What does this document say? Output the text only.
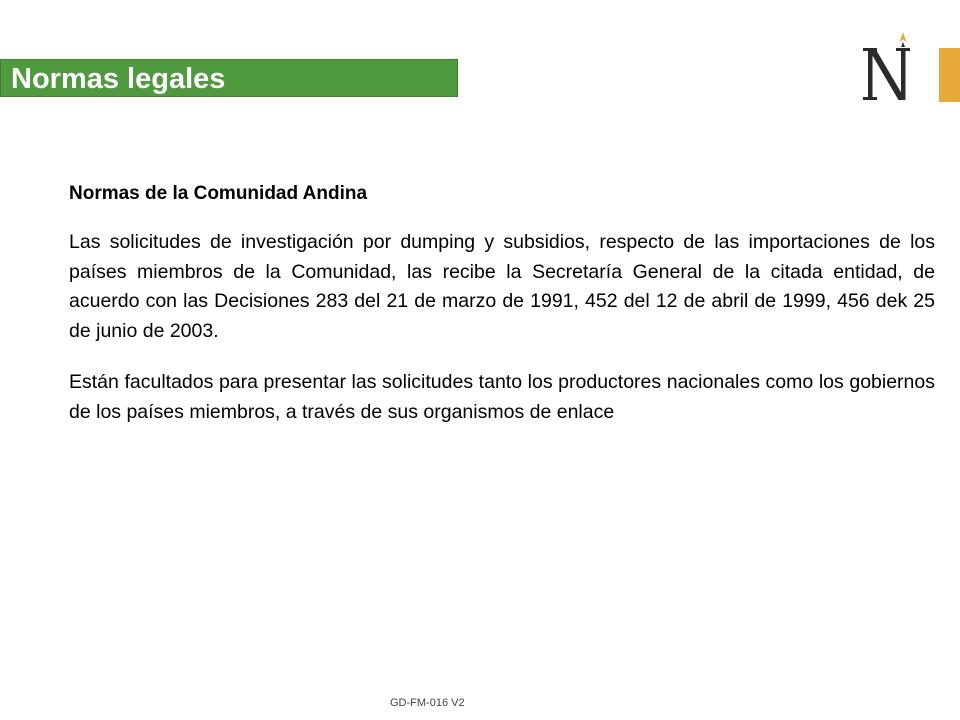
Normas legales

Normas de la Comunidad Andina

Las solicitudes de investigación por dumping y subsidios, respecto de las importaciones de los países miembros de la Comunidad, las recibe la Secretaría General de la citada entidad, de acuerdo con las Decisiones 283 del 21 de marzo de 1991, 452 del 12 de abril de 1999, 456 dek 25 de junio de 2003.

Están facultados para presentar las solicitudes tanto los productores nacionales como los gobiernos de los países miembros, a través de sus organismos de enlace

GD-FM-016 V2
